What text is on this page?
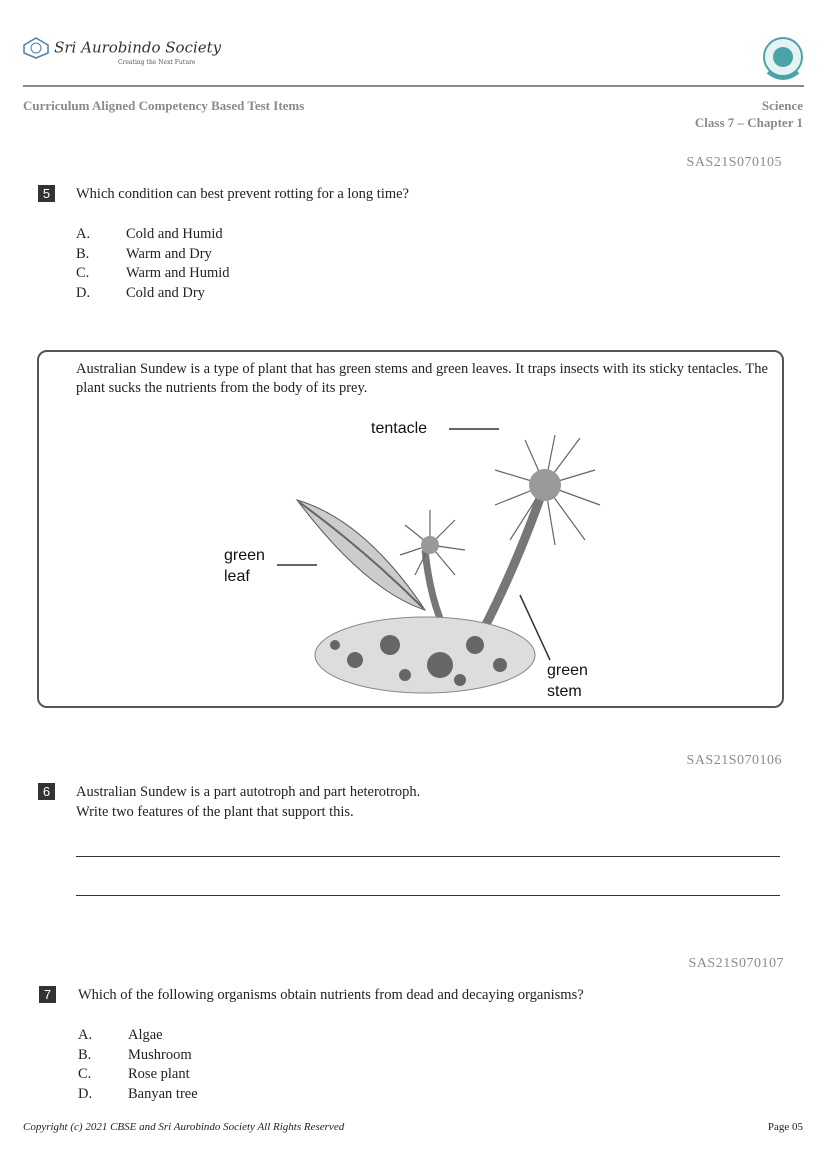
Sri Aurobindo Society
Creating the Next Future
Curriculum Aligned Competency Based Test Items	Science
Class 7 – Chapter 1
SAS21S070105
5	Which condition can best prevent rotting for a long time?
A. Cold and Humid
B.	Warm and Dry
C.	Warm and Humid
D. Cold and Dry
Australian Sundew is a type of plant that has green stems and green leaves. It traps insects with its sticky tentacles. The plant sucks the nutrients from the body of its prey.
tentacle
green
leaf
green
stem
SAS21S070106
6	Australian Sundew is a part autotroph and part heterotroph.
Write two features of the plant that support this.
SAS21S070107
7	Which of the following organisms obtain nutrients from dead and decaying organisms?
A. Algae
B.	Mushroom
C.	Rose plant
D. Banyan tree
Copyright (c) 2021 CBSE and Sri Aurobindo Society All Rights Reserved	Page 05
